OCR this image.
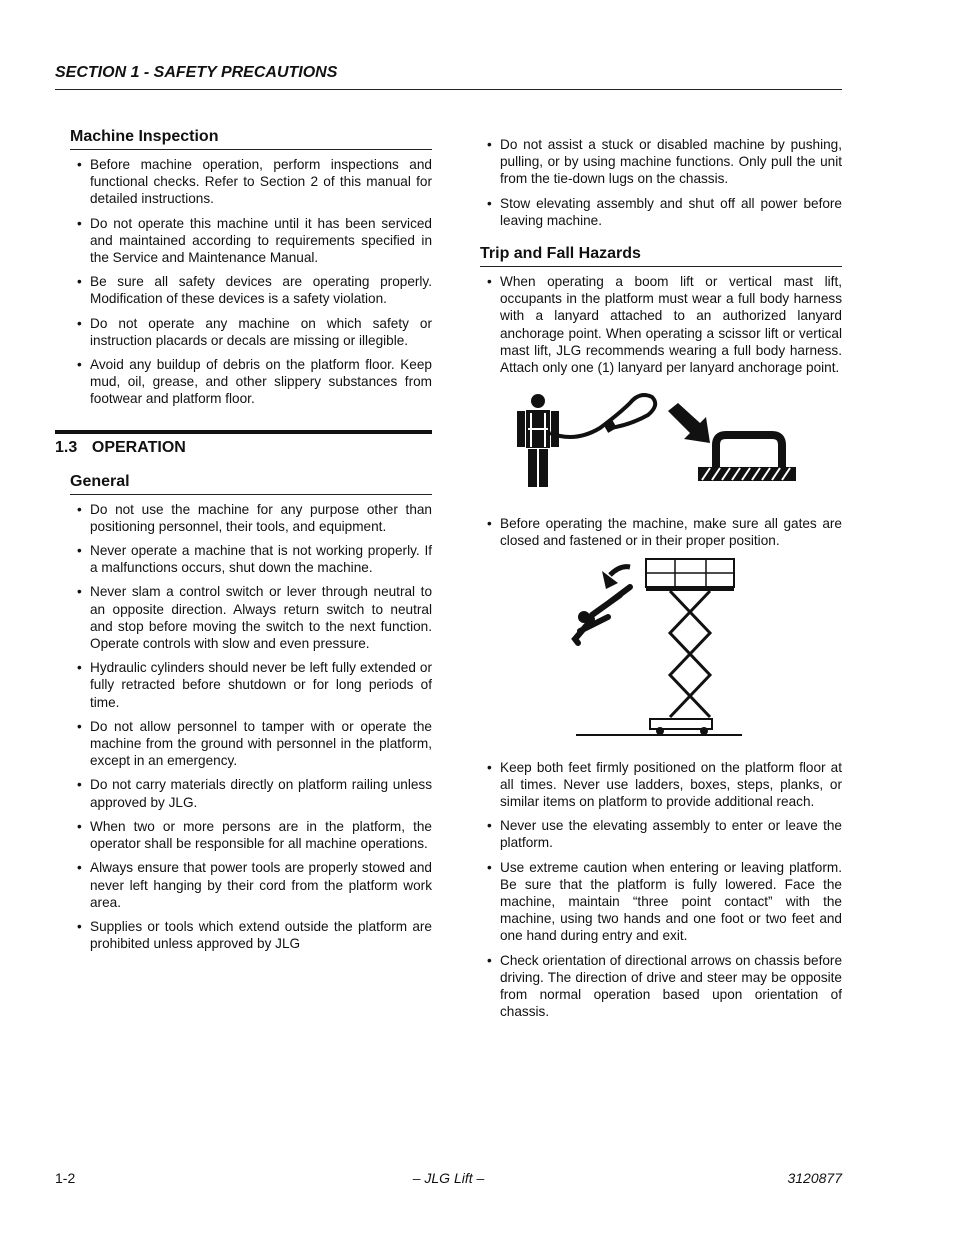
SECTION 1 - SAFETY PRECAUTIONS
Machine Inspection
• Before machine operation, perform inspections and functional checks. Refer to Section 2 of this manual for detailed instructions.
• Do not operate this machine until it has been serviced and maintained according to requirements specified in the Service and Maintenance Manual.
• Be sure all safety devices are operating properly. Modification of these devices is a safety violation.
• Do not operate any machine on which safety or instruction placards or decals are missing or illegible.
• Avoid any buildup of debris on the platform floor. Keep mud, oil, grease, and other slippery substances from footwear and platform floor.
1.3 OPERATION
General
• Do not use the machine for any purpose other than positioning personnel, their tools, and equipment.
• Never operate a machine that is not working properly. If a malfunctions occurs, shut down the machine.
• Never slam a control switch or lever through neutral to an opposite direction. Always return switch to neutral and stop before moving the switch to the next function. Operate controls with slow and even pressure.
• Hydraulic cylinders should never be left fully extended or fully retracted before shutdown or for long periods of time.
• Do not allow personnel to tamper with or operate the machine from the ground with personnel in the platform, except in an emergency.
• Do not carry materials directly on platform railing unless approved by JLG.
• When two or more persons are in the platform, the operator shall be responsible for all machine operations.
• Always ensure that power tools are properly stowed and never left hanging by their cord from the platform work area.
• Supplies or tools which extend outside the platform are prohibited unless approved by JLG
• Do not assist a stuck or disabled machine by pushing, pulling, or by using machine functions. Only pull the unit from the tie-down lugs on the chassis.
• Stow elevating assembly and shut off all power before leaving machine.
Trip and Fall Hazards
• When operating a boom lift or vertical mast lift, occupants in the platform must wear a full body harness with a lanyard attached to an authorized lanyard anchorage point. When operating a scissor lift or vertical mast lift, JLG recommends wearing a full body harness. Attach only one (1) lanyard per lanyard anchorage point.
• Before operating the machine, make sure all gates are closed and fastened or in their proper position.
• Keep both feet firmly positioned on the platform floor at all times. Never use ladders, boxes, steps, planks, or similar items on platform to provide additional reach.
• Never use the elevating assembly to enter or leave the platform.
• Use extreme caution when entering or leaving platform. Be sure that the platform is fully lowered. Face the machine, maintain “three point contact” with the machine, using two hands and one foot or two feet and one hand during entry and exit.
• Check orientation of directional arrows on chassis before driving. The direction of drive and steer may be opposite from normal operation based upon orientation of chassis.
1-2	– JLG Lift –	3120877
